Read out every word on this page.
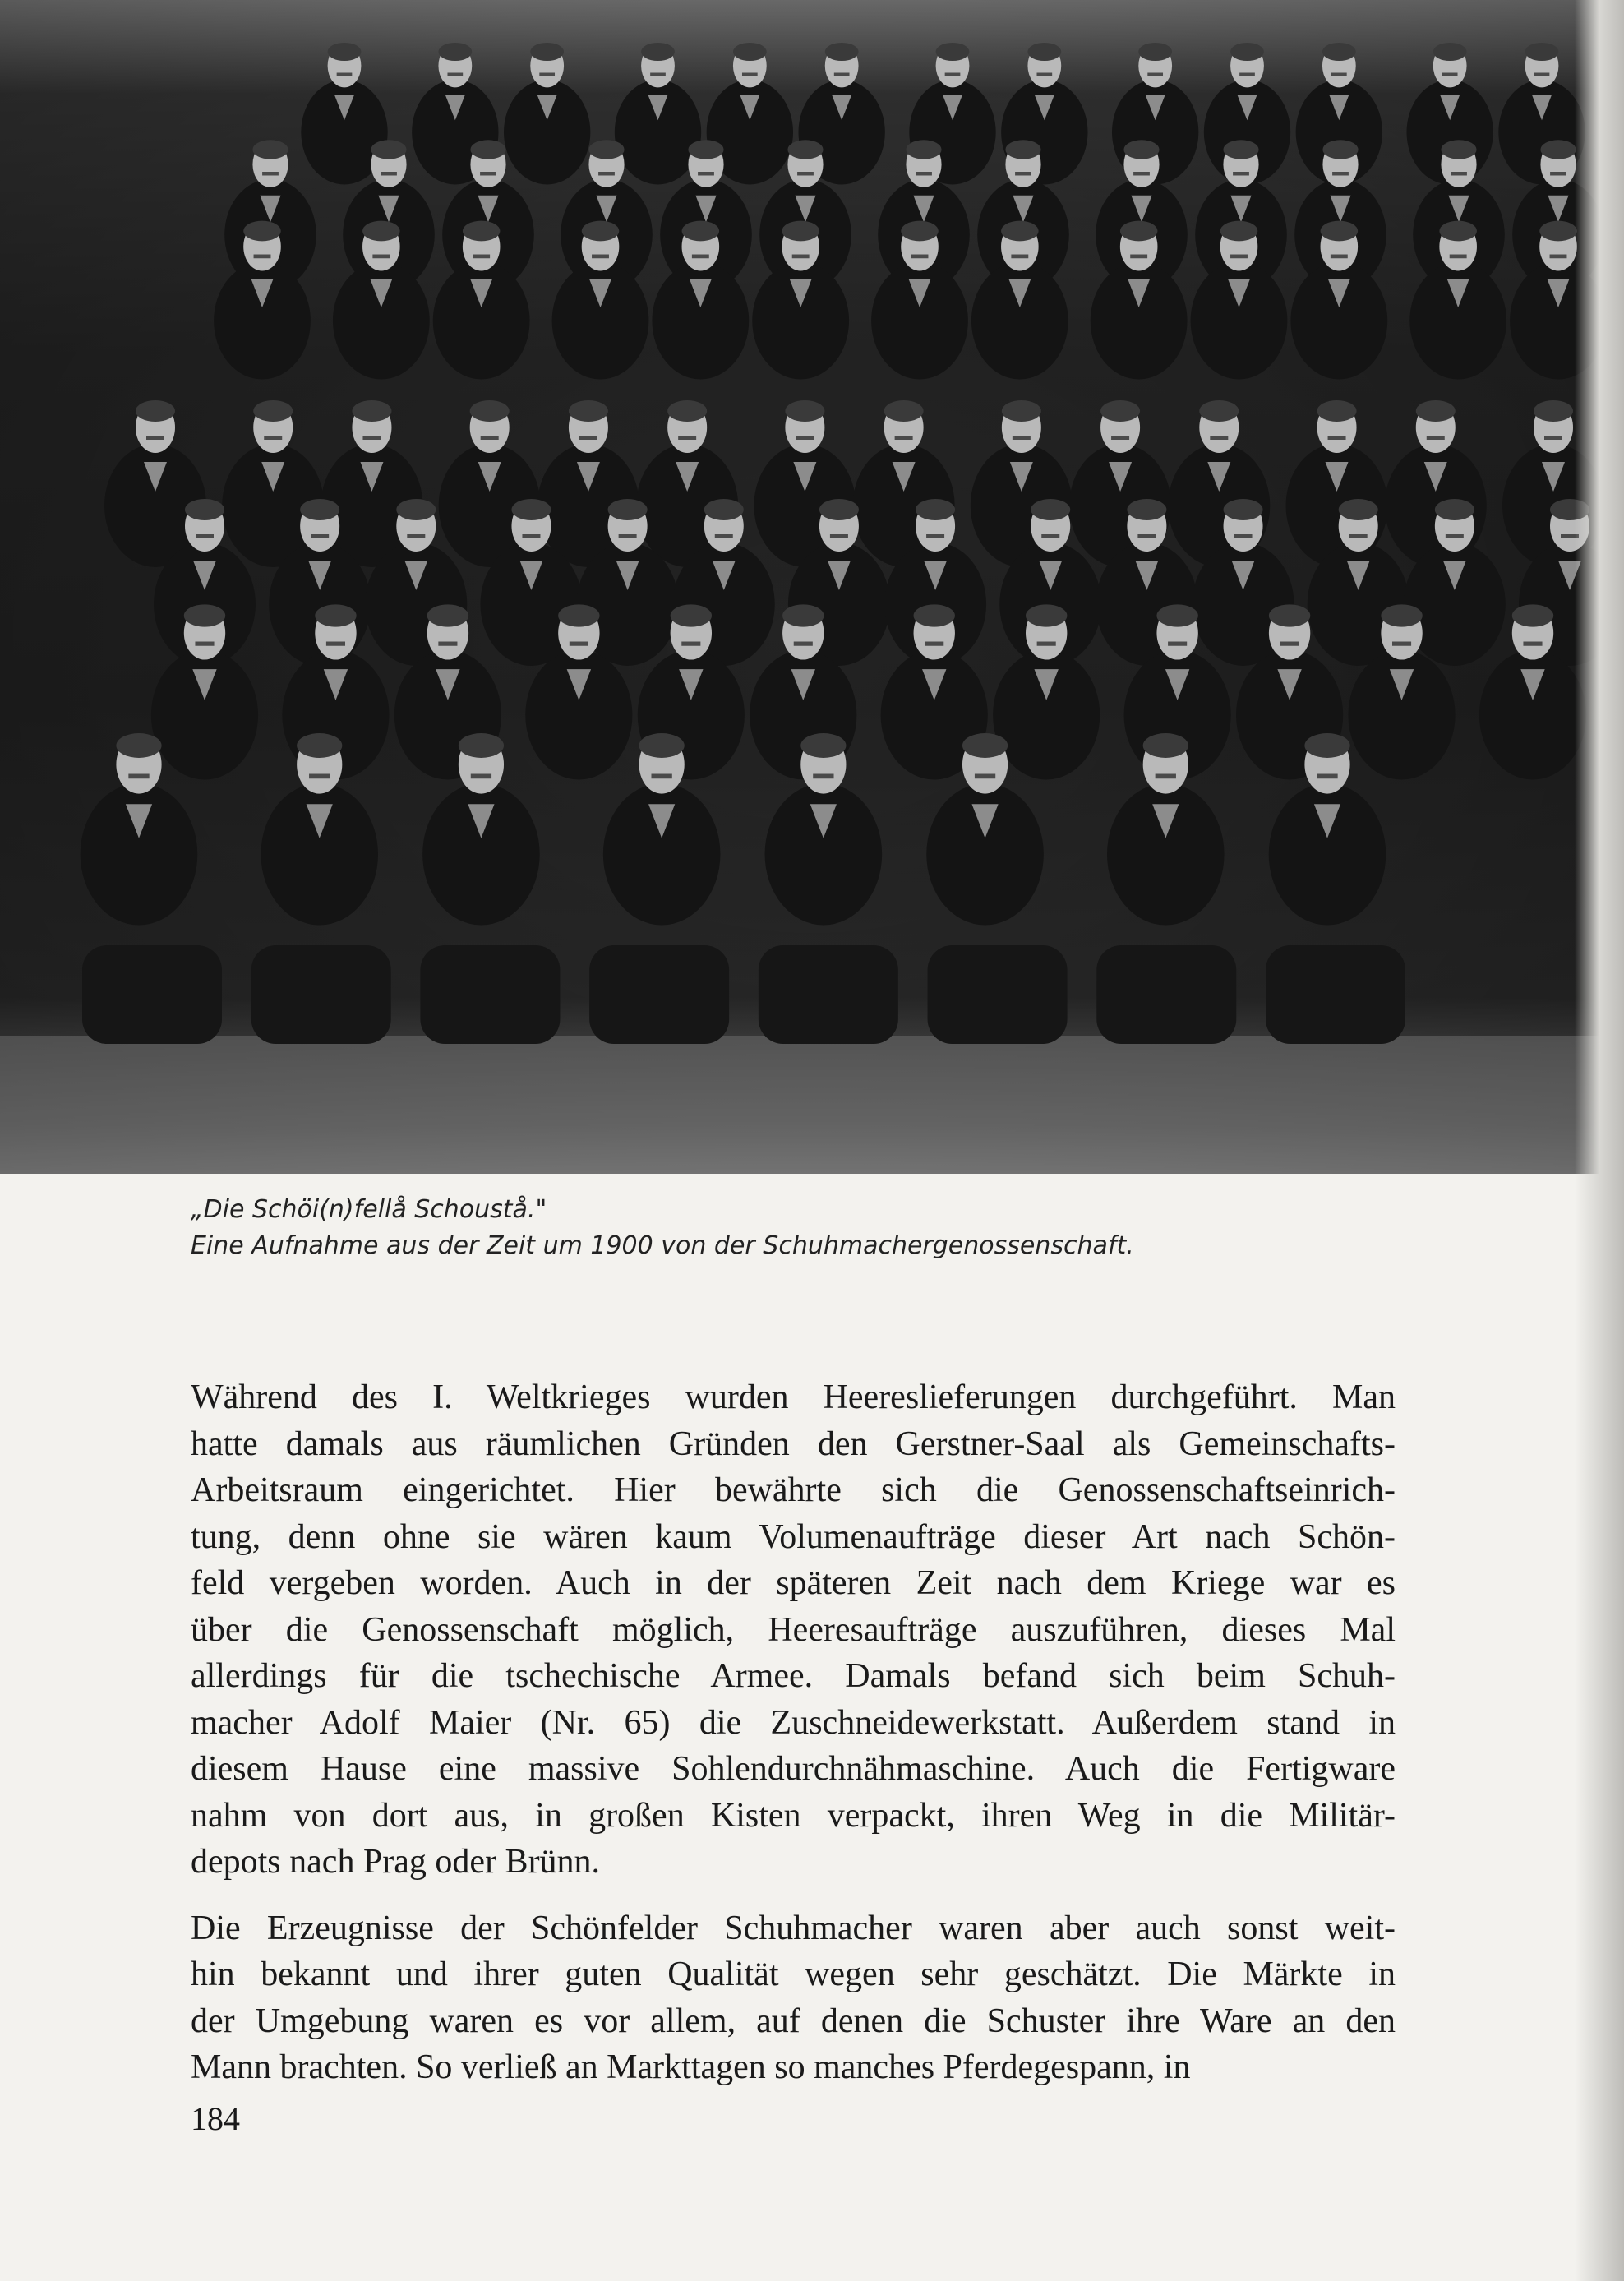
„Die Schöi(n)fellå Schoustå."

Eine Aufnahme aus der Zeit um 1900 von der Schuhmachergenossenschaft.

Während des I. Weltkrieges wurden Heereslieferungen durchgeführt. Man
hatte damals aus räumlichen Gründen den Gerstner-Saal als Gemeinschafts-
Arbeitsraum eingerichtet. Hier bewährte sich die Genossenschaftseinrich-
tung, denn ohne sie wären kaum Volumenaufträge dieser Art nach Schön-
feld vergeben worden. Auch in der späteren Zeit nach dem Kriege war es
über die Genossenschaft möglich, Heeresaufträge auszuführen, dieses Mal
allerdings für die tschechische Armee. Damals befand sich beim Schuh-
macher Adolf Maier (Nr. 65) die Zuschneidewerkstatt. Außerdem stand in
diesem Hause eine massive Sohlendurchnähmaschine. Auch die Fertigware
nahm von dort aus, in großen Kisten verpackt, ihren Weg in die Militär-
depots nach Prag oder Brünn.

Die Erzeugnisse der Schönfelder Schuhmacher waren aber auch sonst weit-
hin bekannt und ihrer guten Qualität wegen sehr geschätzt. Die Märkte in
der Umgebung waren es vor allem, auf denen die Schuster ihre Ware an den
Mann brachten. So verließ an Markttagen so manches Pferdegespann, in

184
